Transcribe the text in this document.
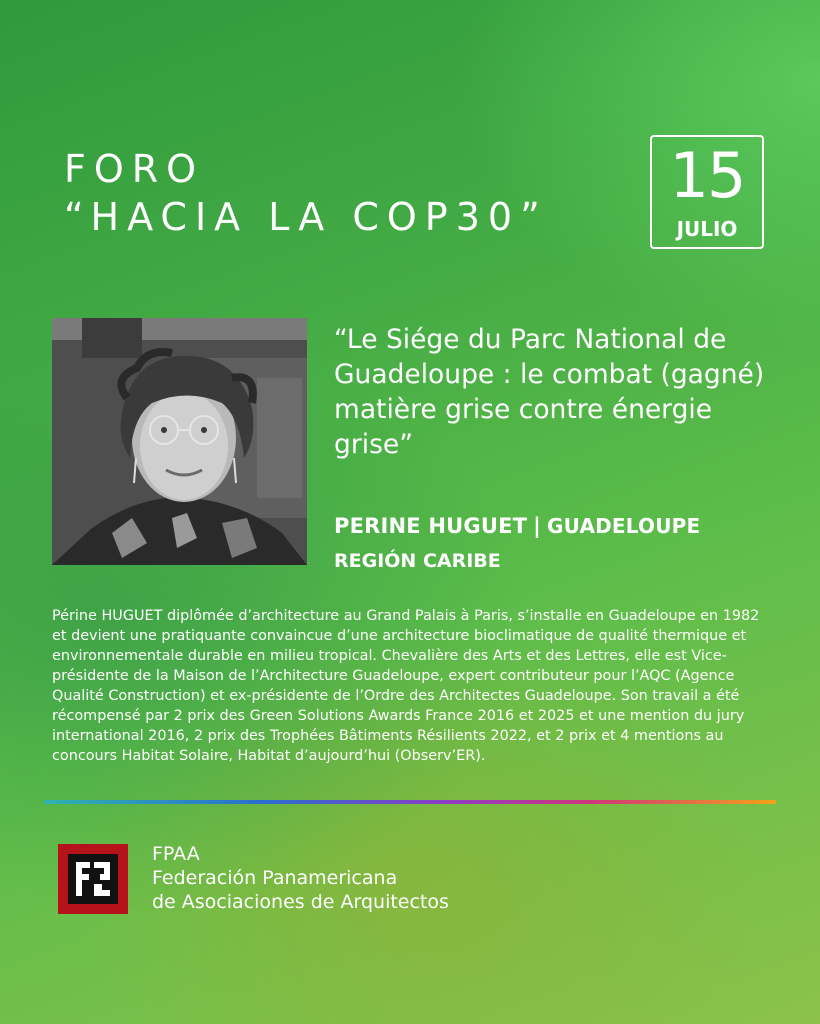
FORO
“HACIA LA COP30”
15
JULIO
“Le Siége du Parc National de Guadeloupe : le combat (gagné) matière grise contre énergie grise”
PERINE HUGUET | GUADELOUPE
REGIÓN CARIBE

Périne HUGUET diplômée d’architecture au Grand Palais à Paris, s’installe en Guadeloupe en 1982 et devient une pratiquante convaincue d’une architecture bioclimatique de qualité thermique et environnementale durable en milieu tropical. Chevalière des Arts et des Lettres, elle est Vice-présidente de la Maison de l’Architecture Guadeloupe, expert contributeur pour l’AQC (Agence Qualité Construction) et ex-présidente de l’Ordre des Architectes Guadeloupe. Son travail a été récompensé par 2 prix des Green Solutions Awards France 2016 et 2025 et une mention du jury international 2016, 2 prix des Trophées Bâtiments Résilients 2022, et 2 prix et 4 mentions au concours Habitat Solaire, Habitat d’aujourd’hui (Observ’ER).

FPAA
Federación Panamericana
de Asociaciones de Arquitectos
